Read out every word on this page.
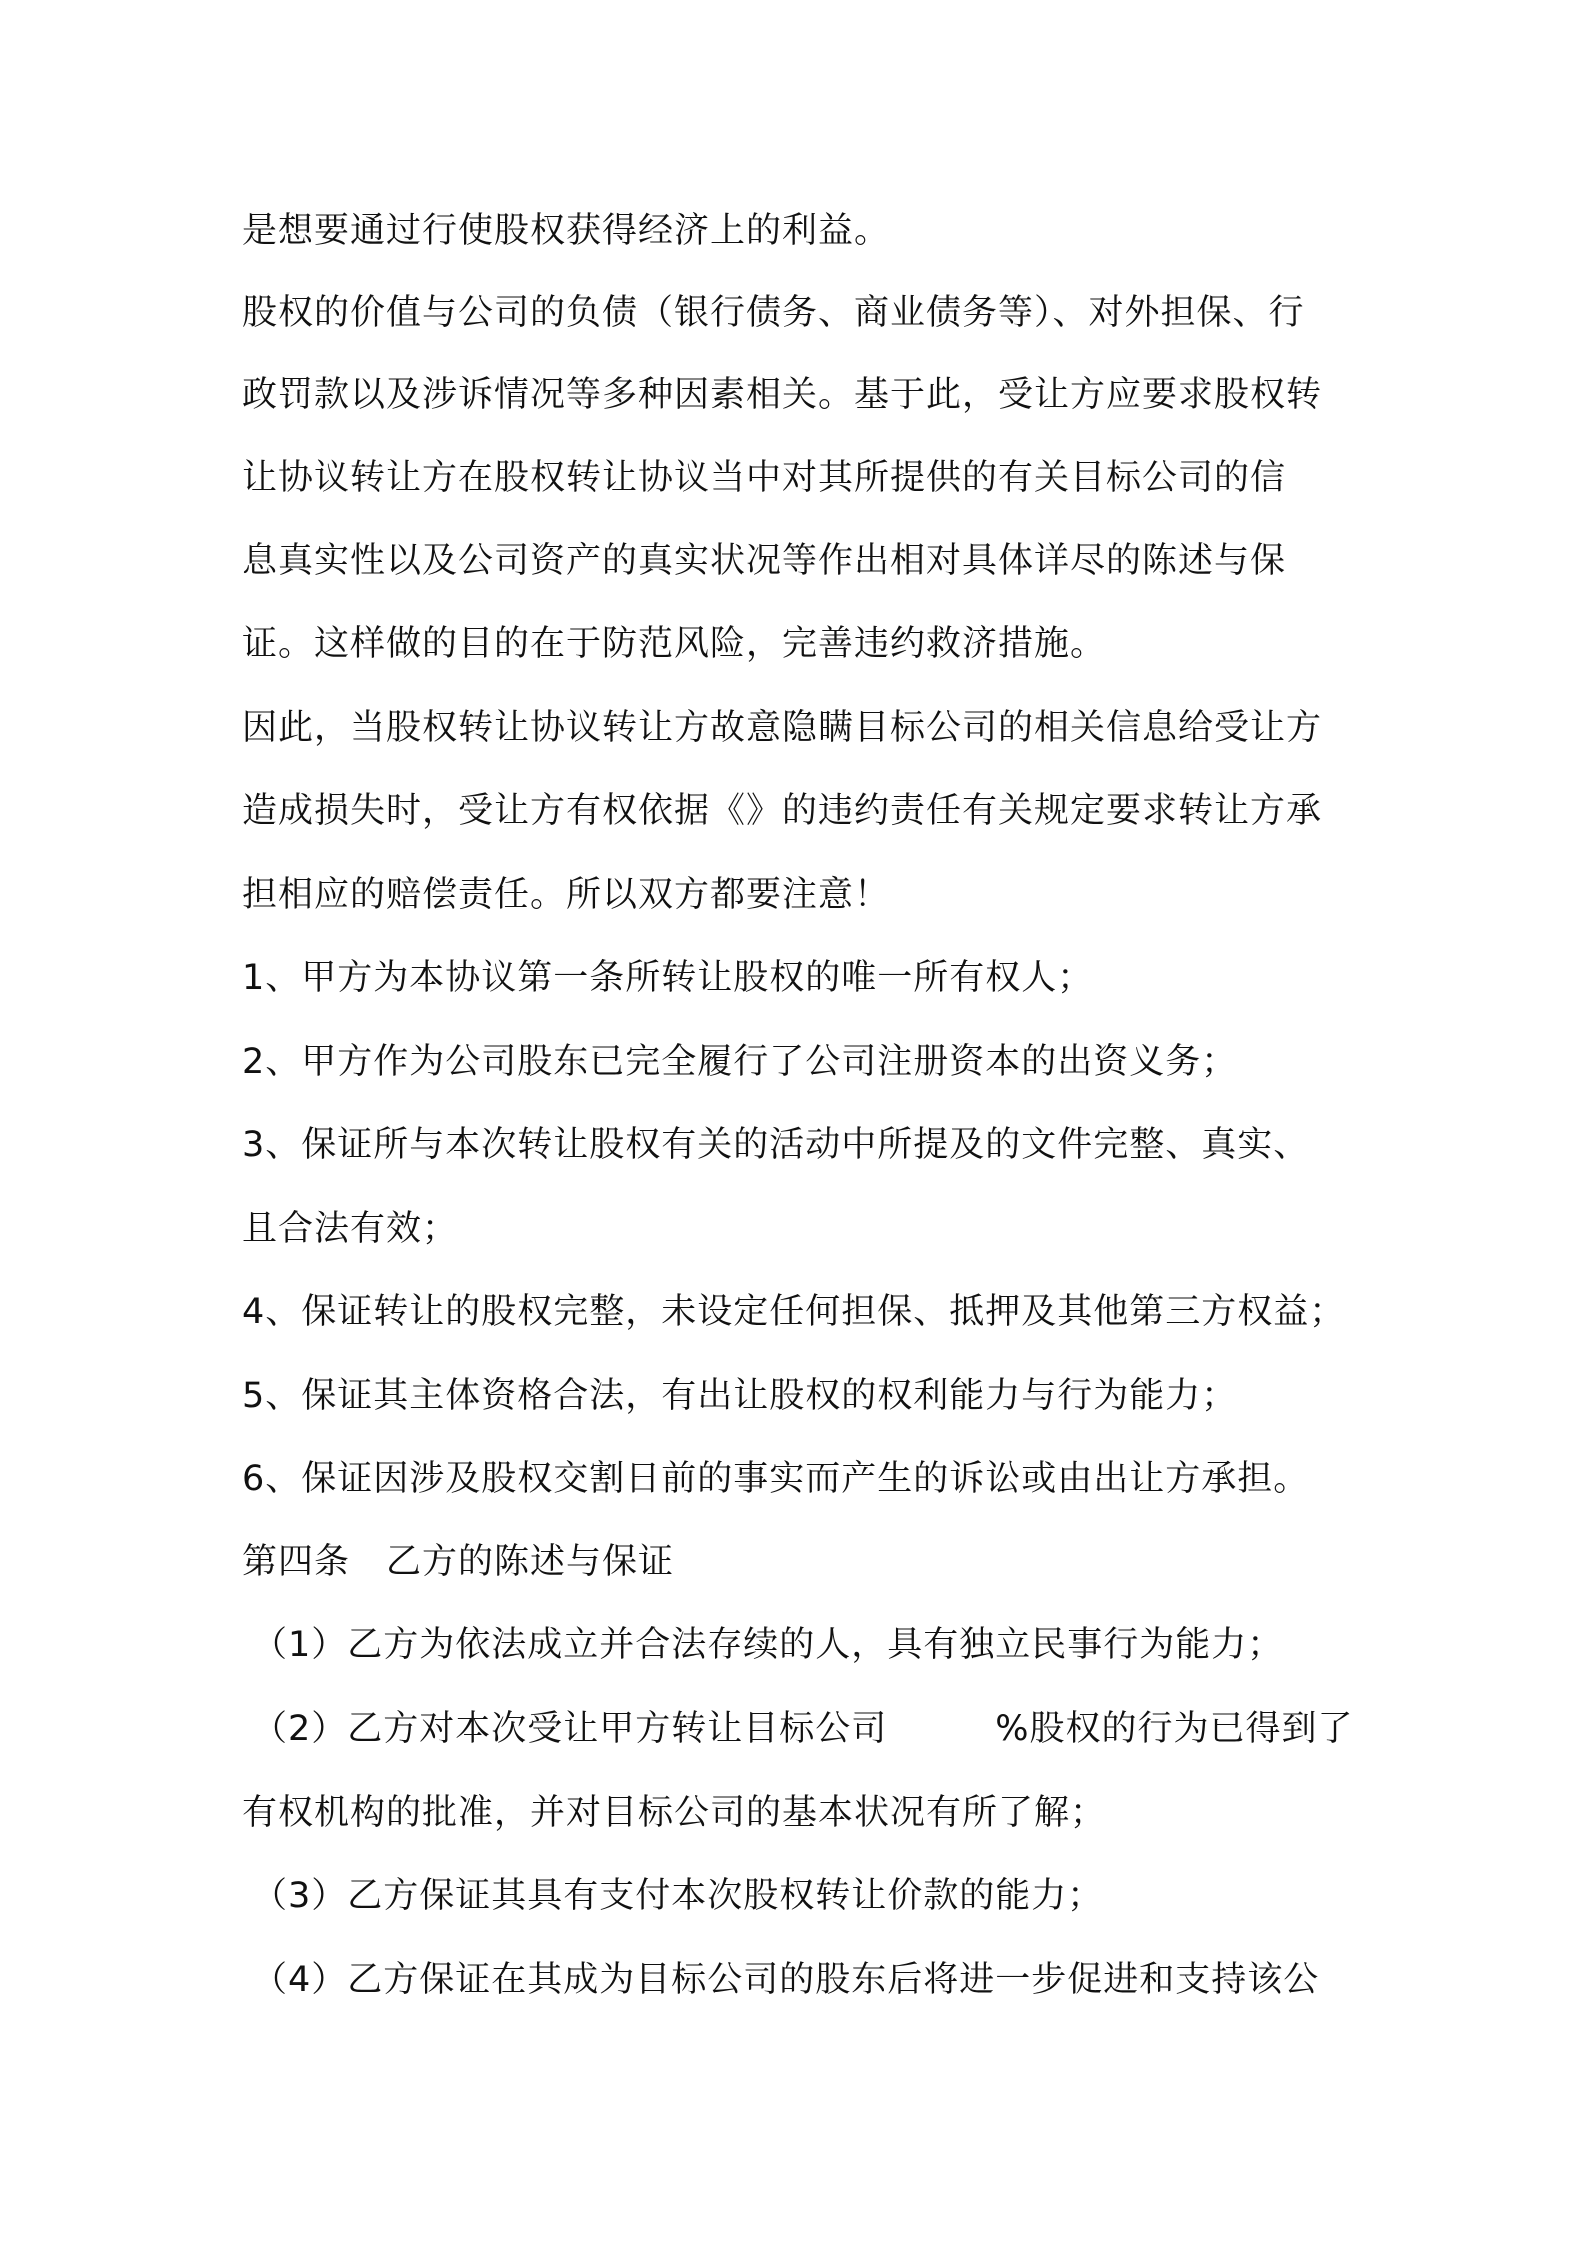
是想要通过行使股权获得经济上的利益。
股权的价值与公司的负债（银行债务、商业债务等）、对外担保、行
政罚款以及涉诉情况等多种因素相关。基于此，受让方应要求股权转
让协议转让方在股权转让协议当中对其所提供的有关目标公司的信
息真实性以及公司资产的真实状况等作出相对具体详尽的陈述与保
证。这样做的目的在于防范风险，完善违约救济措施。
因此，当股权转让协议转让方故意隐瞒目标公司的相关信息给受让方
造成损失时，受让方有权依据《》的违约责任有关规定要求转让方承
担相应的赔偿责任。所以双方都要注意！
1、甲方为本协议第一条所转让股权的唯一所有权人；
2、甲方作为公司股东已完全履行了公司注册资本的出资义务；
3、保证所与本次转让股权有关的活动中所提及的文件完整、真实、
且合法有效；
4、保证转让的股权完整，未设定任何担保、抵押及其他第三方权益；
5、保证其主体资格合法，有出让股权的权利能力与行为能力；
6、保证因涉及股权交割日前的事实而产生的诉讼或由出让方承担。
第四条　乙方的陈述与保证
（1）乙方为依法成立并合法存续的人，具有独立民事行为能力；
（2）乙方对本次受让甲方转让目标公司　　　%股权的行为已得到了
有权机构的批准，并对目标公司的基本状况有所了解；
（3）乙方保证其具有支付本次股权转让价款的能力；
（4）乙方保证在其成为目标公司的股东后将进一步促进和支持该公
